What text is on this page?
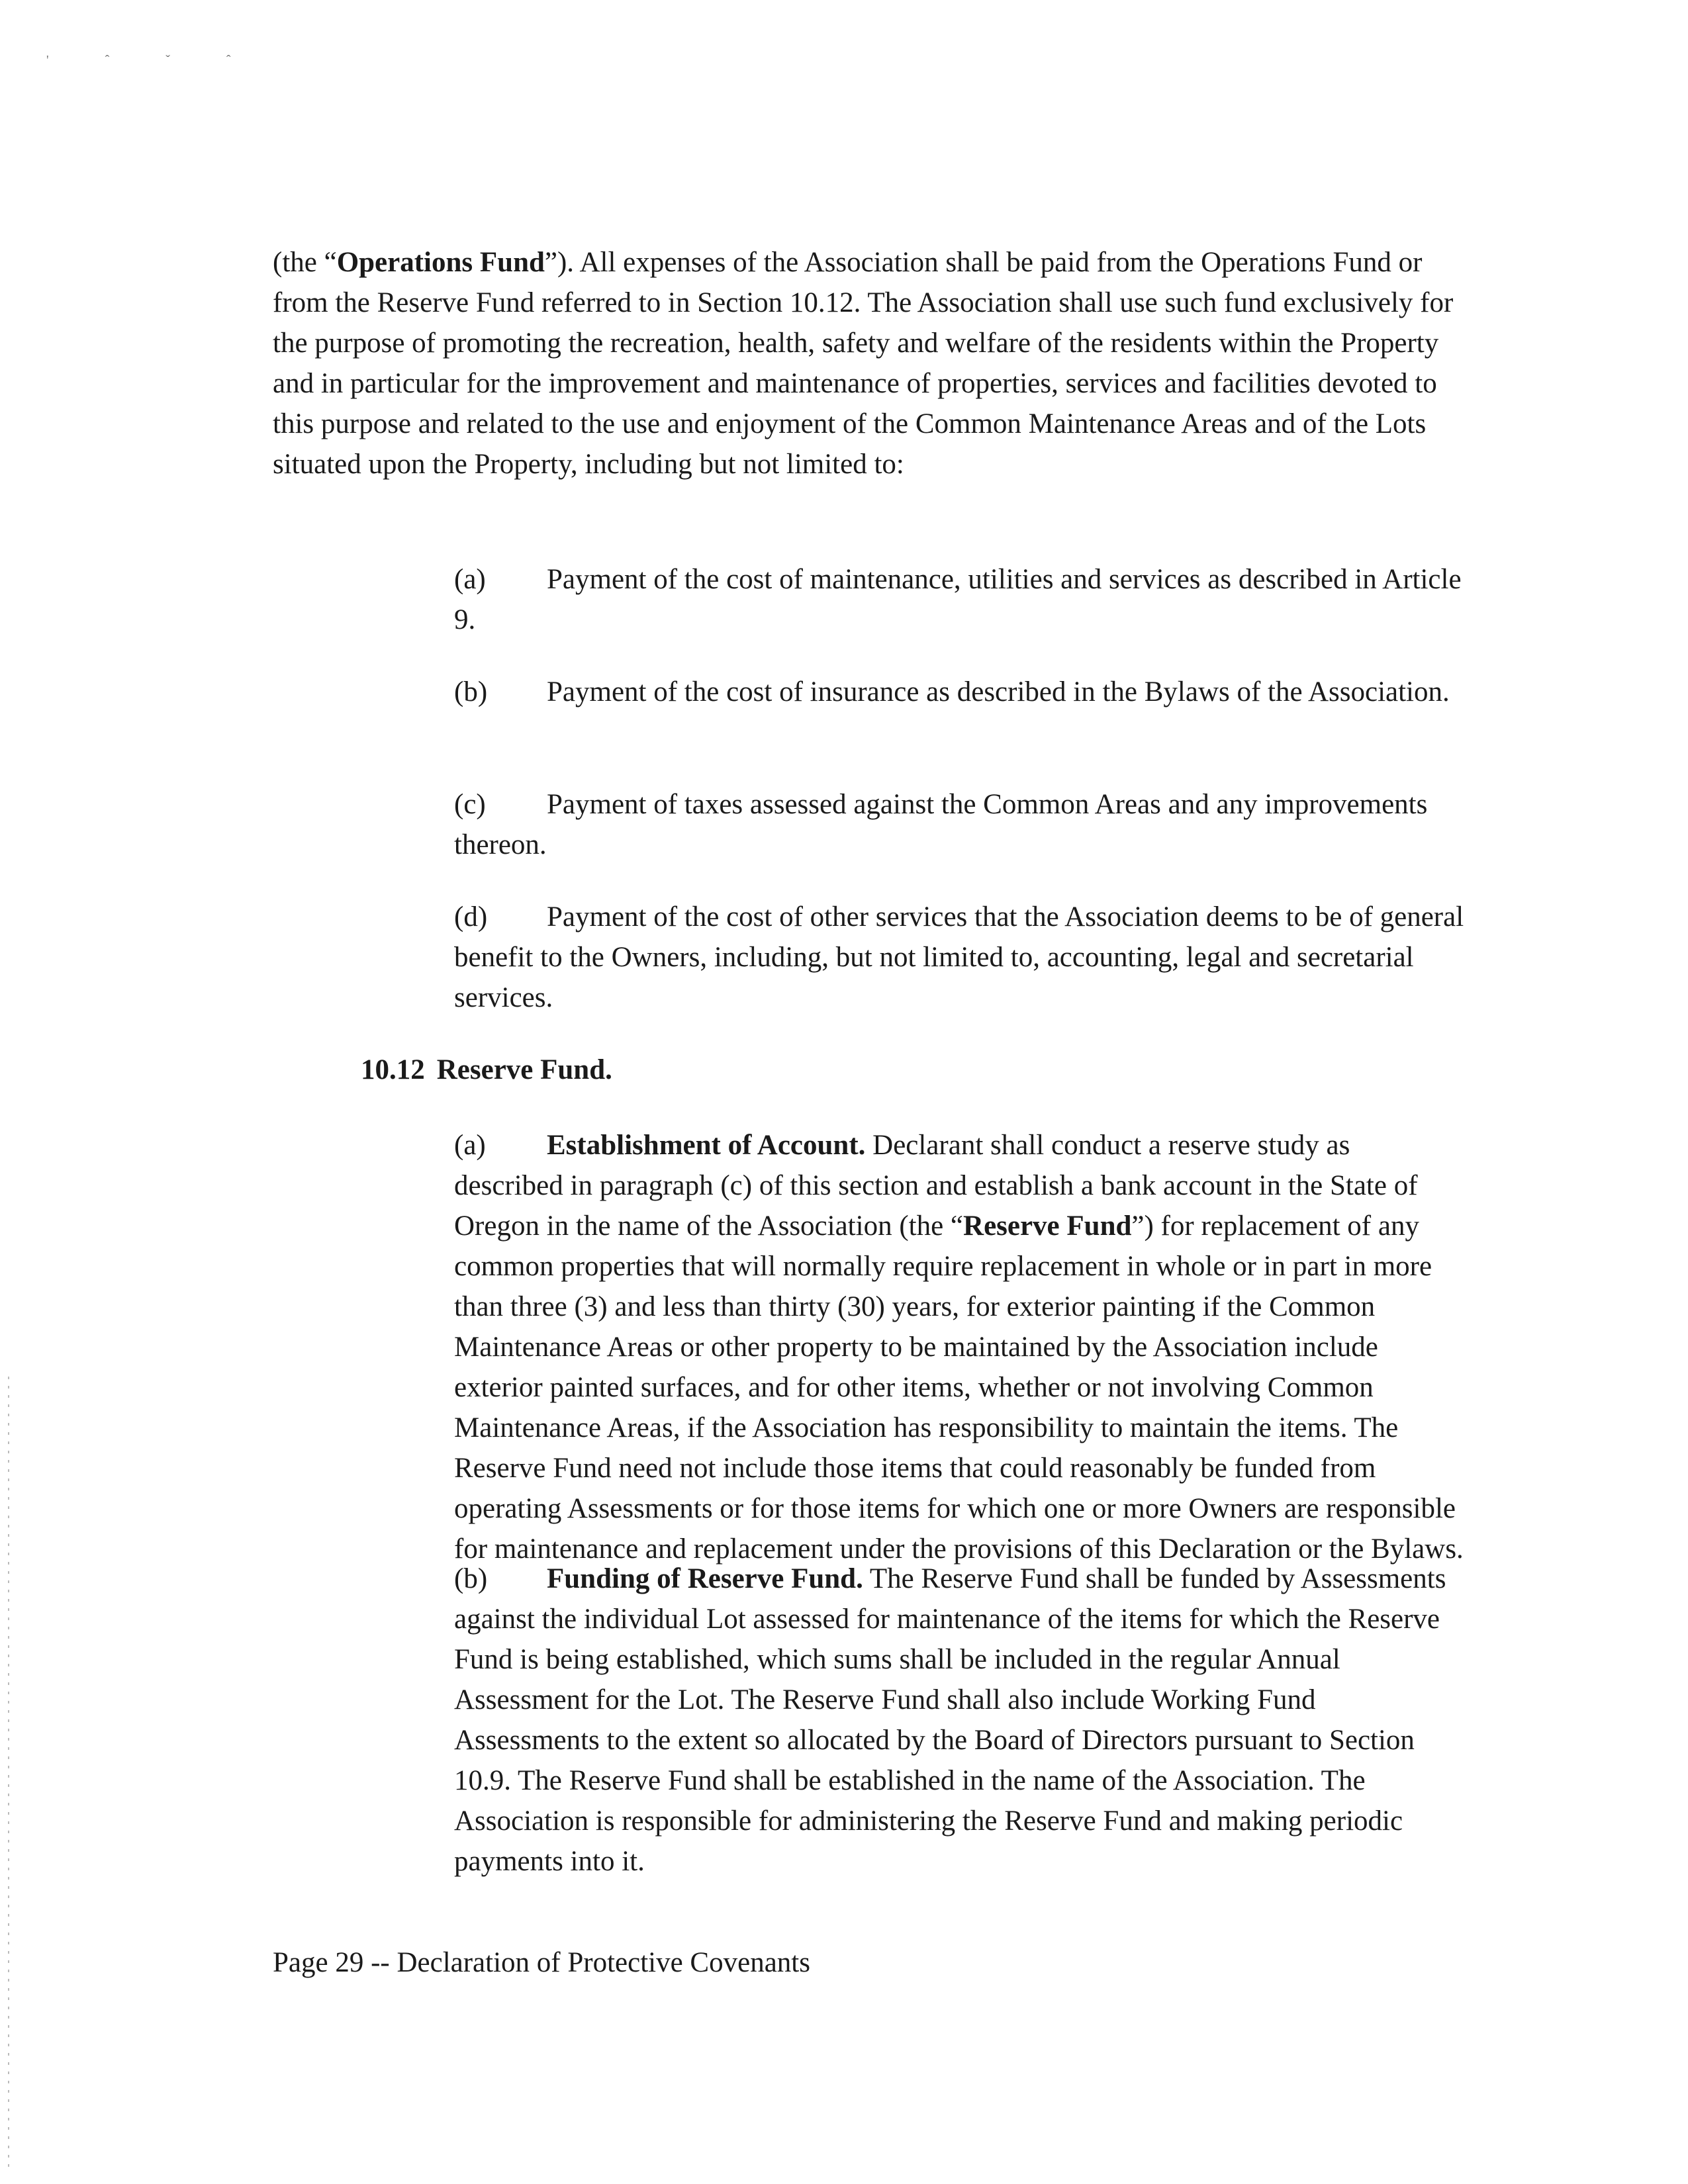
' ˆ ˇ ˆ

(the “Operations Fund”). All expenses of the Association shall be paid from the Operations Fund or from the Reserve Fund referred to in Section 10.12. The Association shall use such fund exclusively for the purpose of promoting the recreation, health, safety and welfare of the residents within the Property and in particular for the improvement and maintenance of properties, services and facilities devoted to this purpose and related to the use and enjoyment of the Common Maintenance Areas and of the Lots situated upon the Property, including but not limited to:

(a) Payment of the cost of maintenance, utilities and services as described in Article 9.

(b) Payment of the cost of insurance as described in the Bylaws of the Association.

(c) Payment of taxes assessed against the Common Areas and any improvements thereon.

(d) Payment of the cost of other services that the Association deems to be of general benefit to the Owners, including, but not limited to, accounting, legal and secretarial services.

10.12 Reserve Fund.

(a) Establishment of Account. Declarant shall conduct a reserve study as described in paragraph (c) of this section and establish a bank account in the State of Oregon in the name of the Association (the “Reserve Fund”) for replacement of any common properties that will normally require replacement in whole or in part in more than three (3) and less than thirty (30) years, for exterior painting if the Common Maintenance Areas or other property to be maintained by the Association include exterior painted surfaces, and for other items, whether or not involving Common Maintenance Areas, if the Association has responsibility to maintain the items. The Reserve Fund need not include those items that could reasonably be funded from operating Assessments or for those items for which one or more Owners are responsible for maintenance and replacement under the provisions of this Declaration or the Bylaws.

(b) Funding of Reserve Fund. The Reserve Fund shall be funded by Assessments against the individual Lot assessed for maintenance of the items for which the Reserve Fund is being established, which sums shall be included in the regular Annual Assessment for the Lot. The Reserve Fund shall also include Working Fund Assessments to the extent so allocated by the Board of Directors pursuant to Section 10.9. The Reserve Fund shall be established in the name of the Association. The Association is responsible for administering the Reserve Fund and making periodic payments into it.

Page 29 -- Declaration of Protective Covenants
